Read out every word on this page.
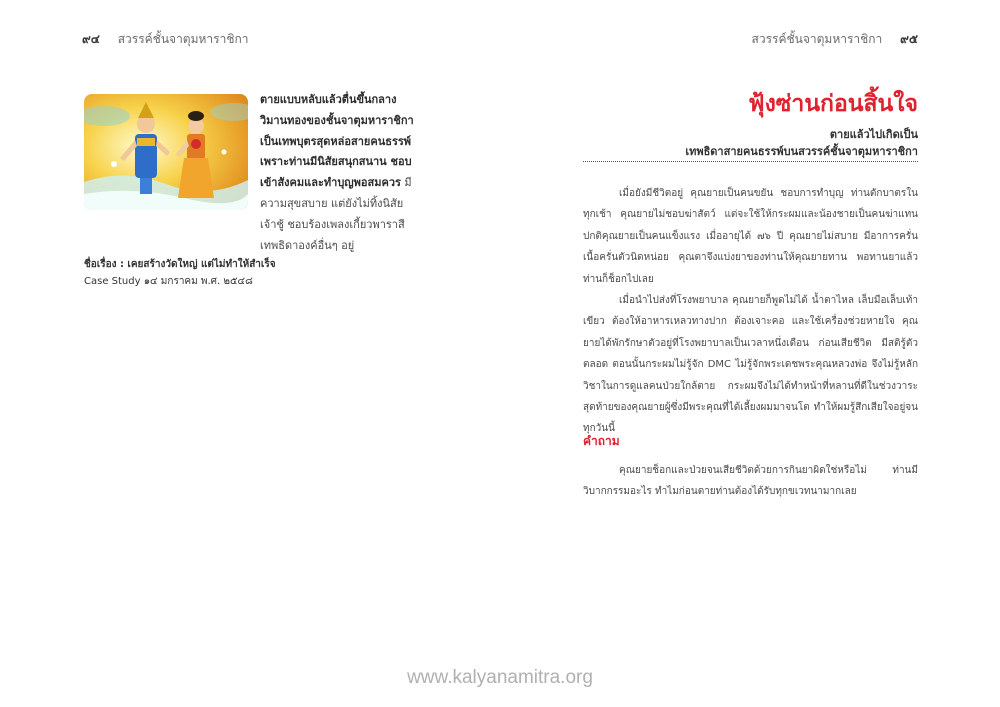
๙๔ สวรรค์ชั้นจาตุมหาราชิกา	สวรรค์ชั้นจาตุมหาราชิกา ๙๕
ตายแบบหลับแล้วตื่นขึ้นกลางวิมานทองของชั้นจาตุมหาราชิกา เป็นเทพบุตรสุดหล่อสายคนธรรพ์ เพราะท่านมีนิสัยสนุกสนาน ชอบเข้าสังคมและทำบุญพอสมควร มีความสุขสบาย แต่ยังไม่ทิ้งนิสัยเจ้าชู้ ชอบร้องเพลงเกี้ยวพาราสี เทพธิดาองค์อื่นๆ อยู่
ชื่อเรื่อง : เคยสร้างวัดใหญ่ แต่ไม่ทำให้สำเร็จ
Case Study ๑๔ มกราคม พ.ศ. ๒๕๔๘
ฟุ้งซ่านก่อนสิ้นใจ
ตายแล้วไปเกิดเป็น
เทพธิดาสายคนธรรพ์บนสวรรค์ชั้นจาตุมหาราชิกา

เมื่อยังมีชีวิตอยู่ คุณยายเป็นคนขยัน ชอบการทำบุญ ท่านตักบาตรในทุกเช้า คุณยายไม่ชอบฆ่าสัตว์ แต่จะใช้ให้กระผมและน้องชายเป็นคนฆ่าแทน ปกติคุณยายเป็นคนแข็งแรง เมื่ออายุได้ ๗๖ ปี คุณยายไม่สบาย มีอาการครั่นเนื้อครั่นตัวนิดหน่อย คุณตาจึงแบ่งยาของท่านให้คุณยายทาน พอทานยาแล้วท่านก็ช็อกไปเลย

เมื่อนำไปส่งที่โรงพยาบาล คุณยายก็พูดไม่ได้ น้ำตาไหล เล็บมือเล็บเท้าเขียว ต้องให้อาหารเหลวทางปาก ต้องเจาะคอ และใช้เครื่องช่วยหายใจ คุณยายได้พักรักษาตัวอยู่ที่โรงพยาบาลเป็นเวลาหนึ่งเดือน ก่อนเสียชีวิต มีสติรู้ตัวตลอด ตอนนั้นกระผมไม่รู้จัก DMC ไม่รู้จักพระเดชพระคุณหลวงพ่อ จึงไม่รู้หลักวิชาในการดูแลคนป่วยใกล้ตาย กระผมจึงไม่ได้ทำหน้าที่หลานที่ดีในช่วงวาระสุดท้ายของคุณยายผู้ซึ่งมีพระคุณที่ได้เลี้ยงผมมาจนโต ทำให้ผมรู้สึกเสียใจอยู่จนทุกวันนี้

คำถาม

คุณยายช็อกและป่วยจนเสียชีวิตด้วยการกินยาผิดใช่หรือไม่ ท่านมีวิบากกรรมอะไร ทำไมก่อนตายท่านต้องได้รับทุกขเวทนามากเลย

www.kalyanamitra.org
